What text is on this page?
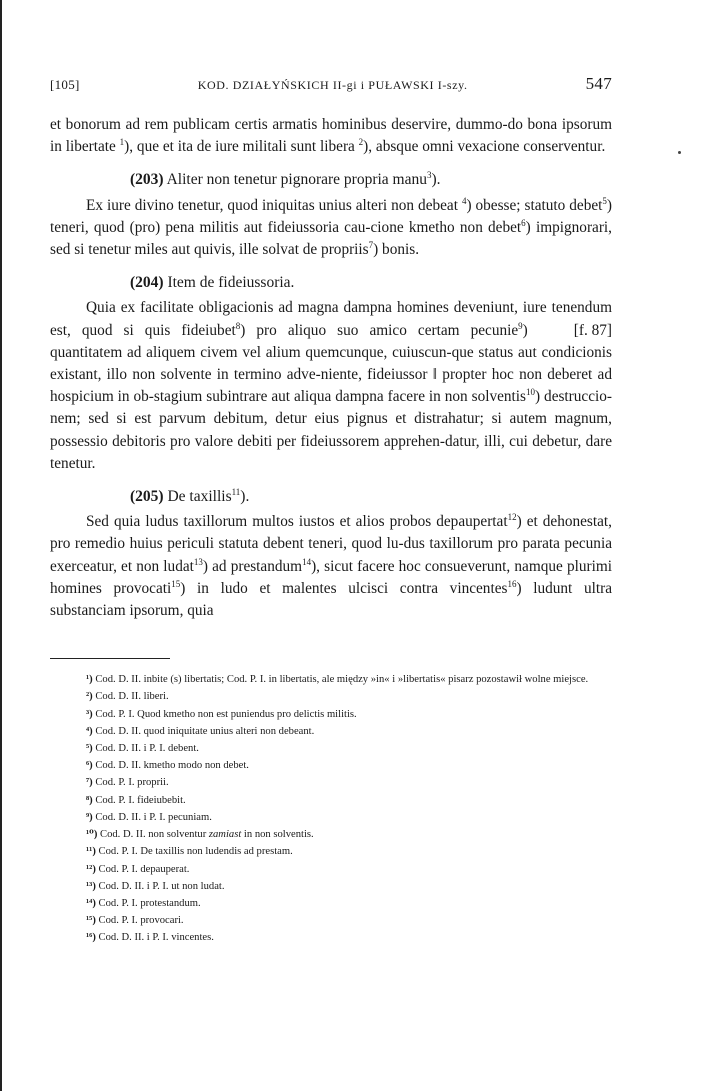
[105]	KOD. DZIAŁYŃSKICH II-gi i PUŁAWSKI I-szy.	547

et bonorum ad rem publicam certis armatis hominibus deservire, dummo-do bona ipsorum in libertate $^1$), que et ita de iure militali sunt libera $^2$), absque omni vexacione conserventur.

(203) Aliter non tenetur pignorare propria manu$^3$).

Ex iure divino tenetur, quod iniquitas unius alteri non debeat $^4$) obesse; statuto debet$^5$) teneri, quod (pro) pena militis aut fideiussoria cau-cione kmetho non debet$^6$) impignorari, sed si tenetur miles aut quivis, ille solvat de propriis$^7$) bonis.

(204) Item de fideiussoria.

Quia ex facilitate obligacionis ad magna dampna homines deveniunt, iure tenendum est, quod si quis fideiubet$^8$) pro aliquo suo amico certam pecunie$^9$	[f. 87]
) quantitatem ad aliquem civem vel alium quemcunque, cuiuscun-que status aut condicionis existant, illo non solvente in termino adve-niente, fideiussor ‖ propter hoc non deberet ad hospicium in ob-stagium subintrare aut aliqua dampna facere in non solventis$^{10}$) destruccio-nem; sed si est parvum debitum, detur eius pignus et distrahatur; si autem magnum, possessio debitoris pro valore debiti per fideiussorem apprehen-datur, illi, cui debetur, dare tenetur.

(205) De taxillis$^{11}$).

Sed quia ludus taxillorum multos iustos et alios probos depaupertat$^{12}$) et dehonestat, pro remedio huius periculi statuta debent teneri, quod lu-dus taxillorum pro parata pecunia exerceatur, et non ludat$^{13}$) ad prestandum$^{14}$), sicut facere hoc consueverunt, namque plurimi homines provocati$^{15}$) in ludo et malentes ulcisci contra vincentes$^{16}$) ludunt ultra substanciam ipsorum, quia

¹) Cod. D. II. inbite (s) libertatis; Cod. P. I. in libertatis, ale między »in« i »libertatis« pisarz pozostawił wolne miejsce.

²) Cod. D. II. liberi.

³) Cod. P. I. Quod kmetho non est puniendus pro delictis militis.

⁴) Cod. D. II. quod iniquitate unius alteri non debeant.

⁵) Cod. D. II. i P. I. debent.

⁶) Cod. D. II. kmetho modo non debet.

⁷) Cod. P. I. proprii.

⁸) Cod. P. I. fideiubebit.

⁹) Cod. D. II. i P. I. pecuniam.

¹⁰) Cod. D. II. non solventur zamiast in non solventis.

¹¹) Cod. P. I. De taxillis non ludendis ad prestam.

¹²) Cod. P. I. depauperat.

¹³) Cod. D. II. i P. I. ut non ludat.

¹⁴) Cod. P. I. protestandum.

¹⁵) Cod. P. I. provocari.

¹⁶) Cod. D. II. i P. I. vincentes.
